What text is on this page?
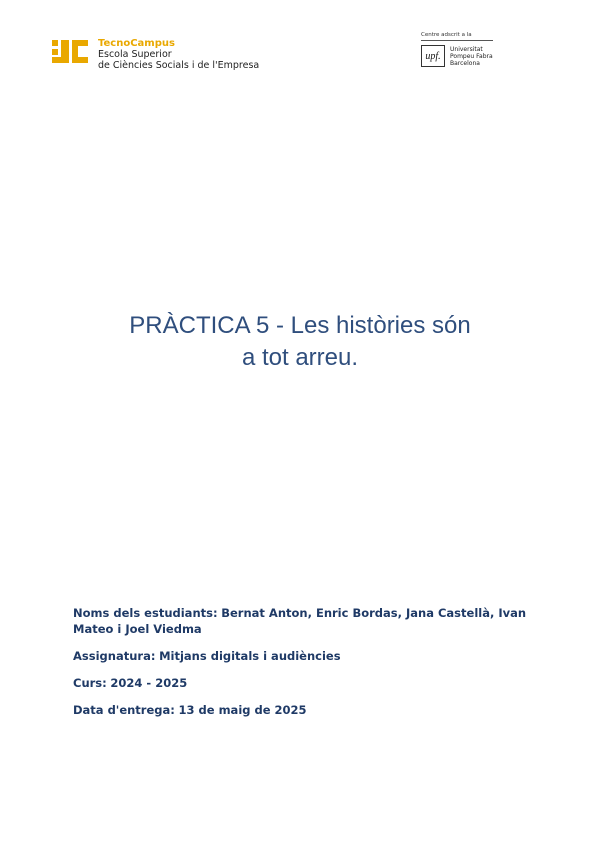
TecnoCampus
Escola Superior
de Ciències Socials i de l'Empresa
Centre adscrit a la
upf.
Universitat
Pompeu Fabra
Barcelona
PRÀCTICA 5 - Les històries són
a tot arreu.

Noms dels estudiants: Bernat Anton, Enric Bordas, Jana Castellà, Ivan Mateo i Joel Viedma

Assignatura: Mitjans digitals i audiències

Curs: 2024 - 2025

Data d'entrega: 13 de maig de 2025
